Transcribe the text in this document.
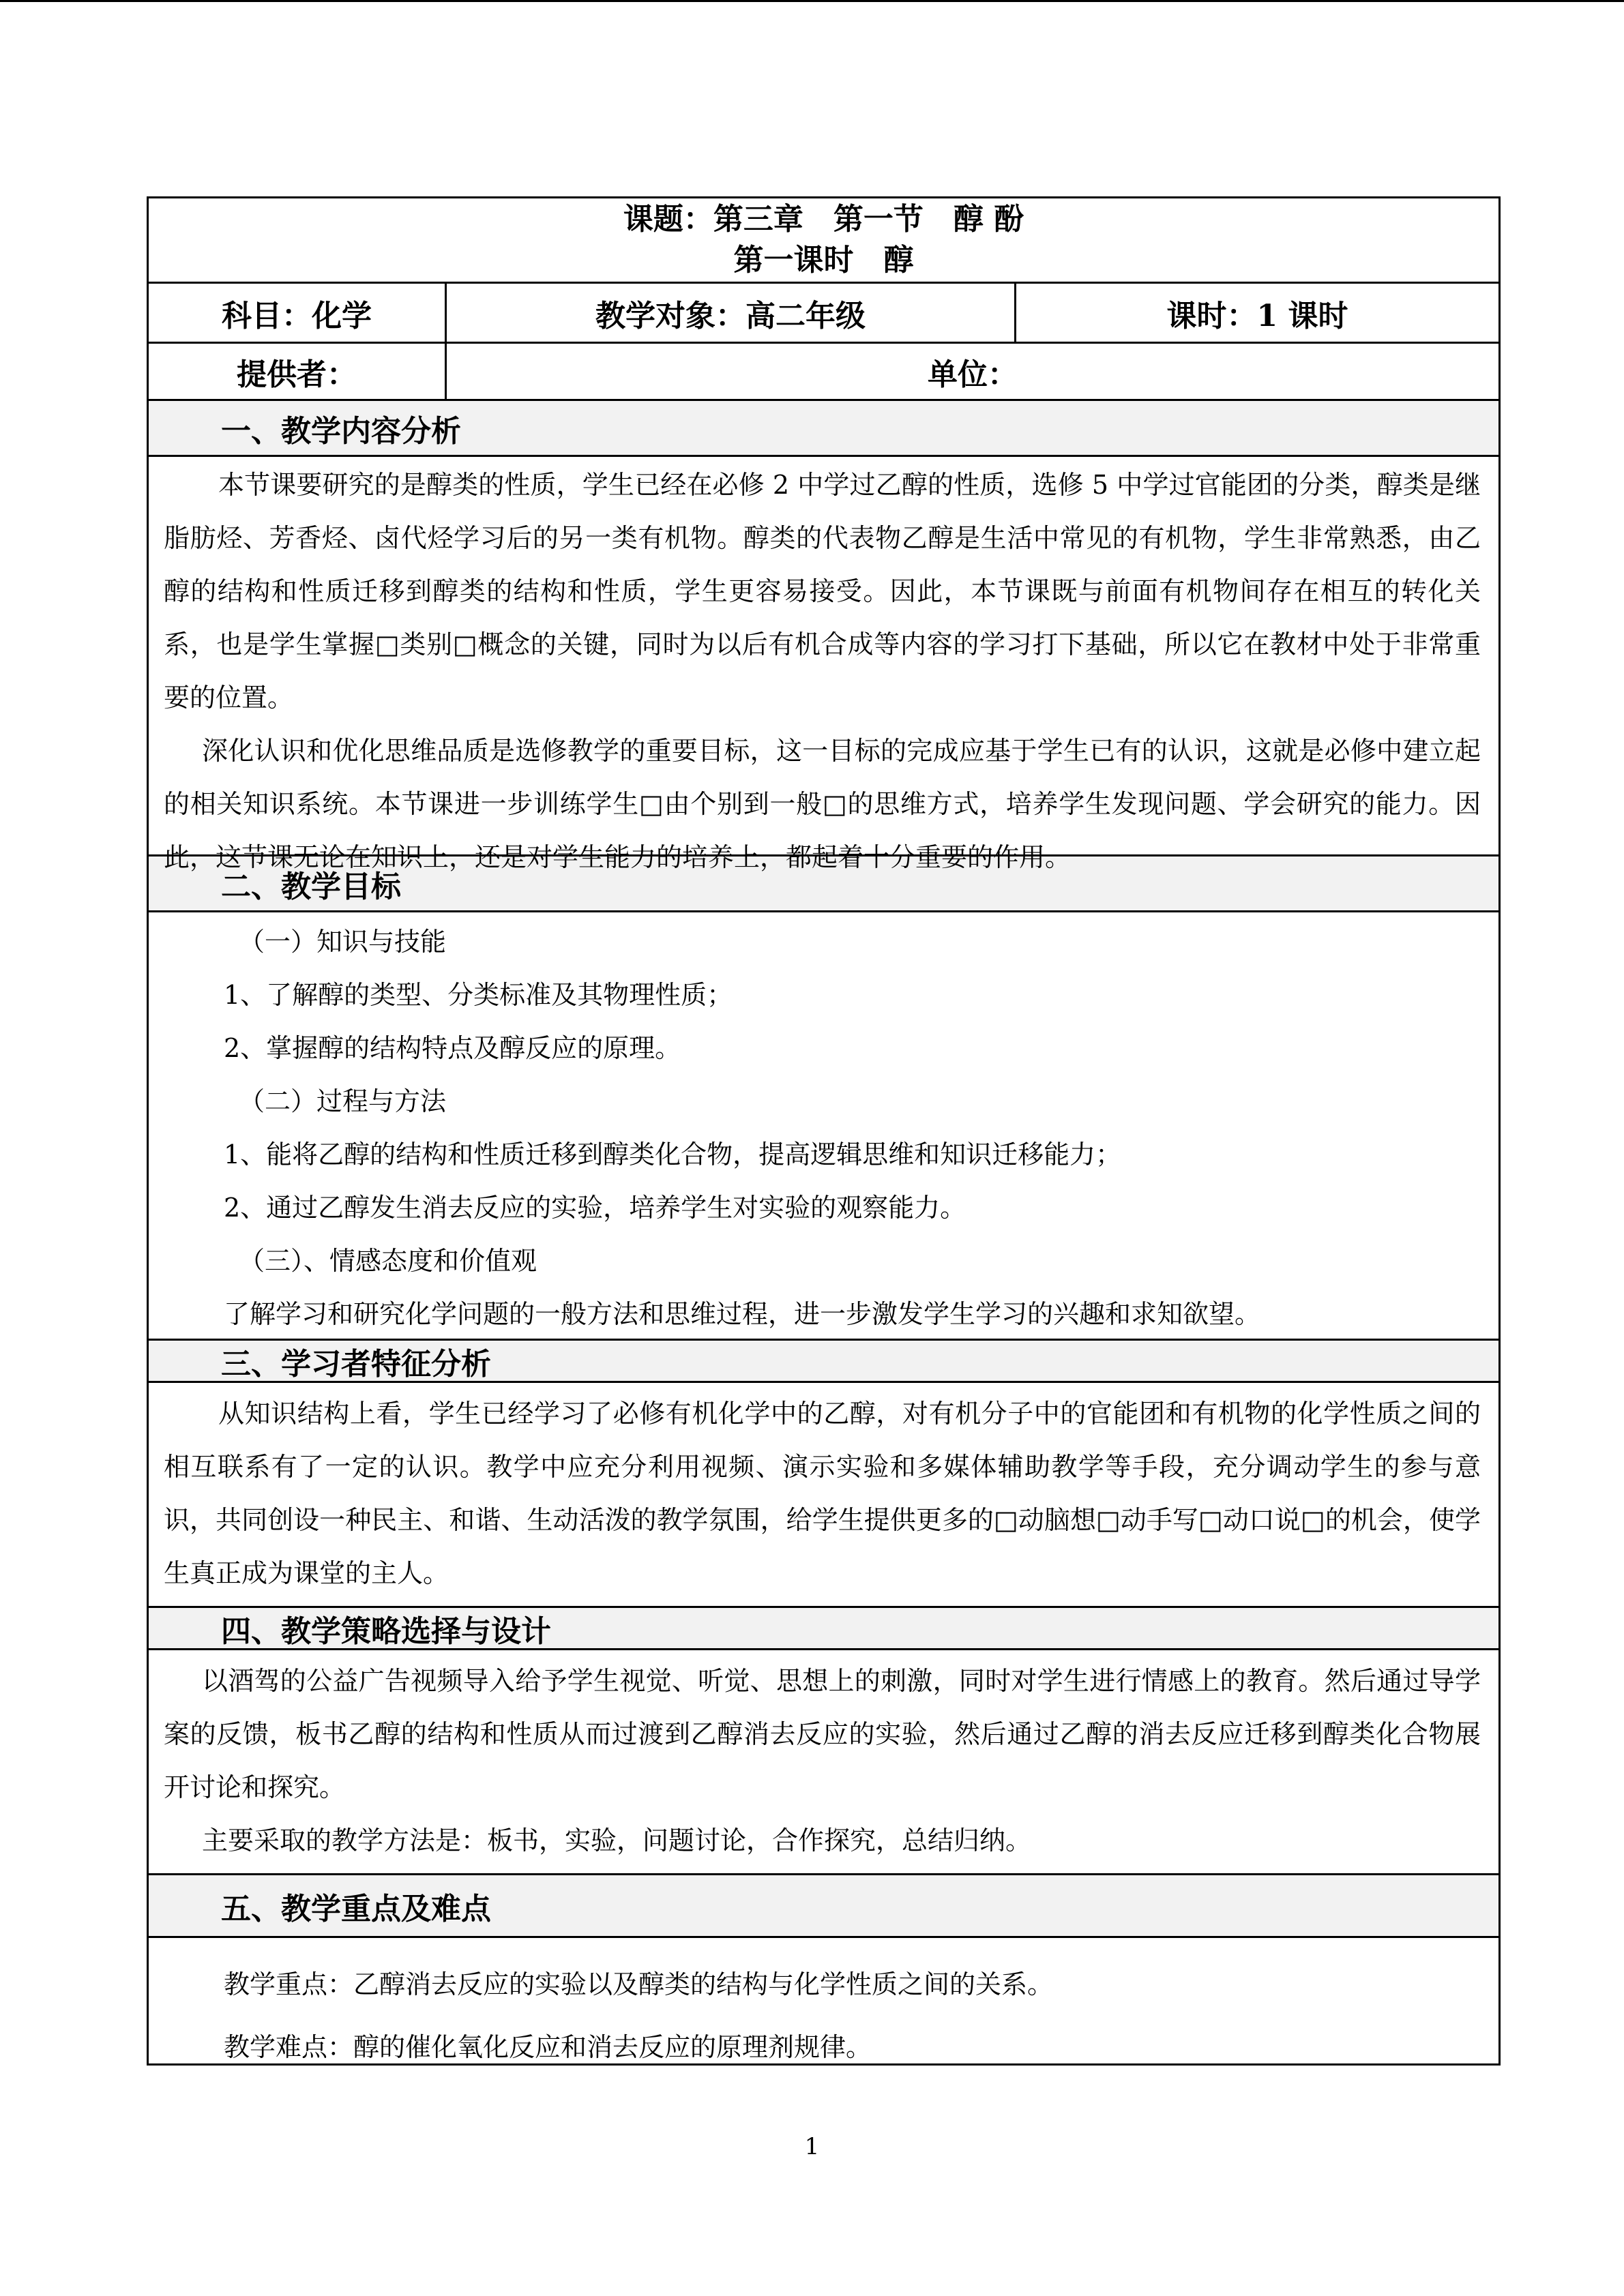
课题：第三章　第一节　醇 酚
第一课时　醇
科目：化学	教学对象：高二年级	课时：1 课时
提供者：	单位：
一、教学内容分析

本节课要研究的是醇类的性质，学生已经在必修 2 中学过乙醇的性质，选修 5 中学过官能团的分类，醇类是继脂肪烃、芳香烃、卤代烃学习后的另一类有机物。醇类的代表物乙醇是生活中常见的有机物，学生非常熟悉，由乙醇的结构和性质迁移到醇类的结构和性质，学生更容易接受。因此，本节课既与前面有机物间存在相互的转化关系，也是学生掌握□类别□概念的关键，同时为以后有机合成等内容的学习打下基础，所以它在教材中处于非常重要的位置。

深化认识和优化思维品质是选修教学的重要目标，这一目标的完成应基于学生已有的认识，这就是必修中建立起的相关知识系统。本节课进一步训练学生□由个别到一般□的思维方式，培养学生发现问题、学会研究的能力。因此，这节课无论在知识上，还是对学生能力的培养上，都起着十分重要的作用。

二、教学目标

（一）知识与技能

1、了解醇的类型、分类标准及其物理性质；

2、掌握醇的结构特点及醇反应的原理。

（二）过程与方法

1、能将乙醇的结构和性质迁移到醇类化合物，提高逻辑思维和知识迁移能力；

2、通过乙醇发生消去反应的实验，培养学生对实验的观察能力。

（三）、情感态度和价值观

了解学习和研究化学问题的一般方法和思维过程，进一步激发学生学习的兴趣和求知欲望。

三、学习者特征分析

从知识结构上看，学生已经学习了必修有机化学中的乙醇，对有机分子中的官能团和有机物的化学性质之间的相互联系有了一定的认识。教学中应充分利用视频、演示实验和多媒体辅助教学等手段，充分调动学生的参与意识，共同创设一种民主、和谐、生动活泼的教学氛围，给学生提供更多的□动脑想□动手写□动口说□的机会，使学生真正成为课堂的主人。

四、教学策略选择与设计

以酒驾的公益广告视频导入给予学生视觉、听觉、思想上的刺激，同时对学生进行情感上的教育。然后通过导学案的反馈，板书乙醇的结构和性质从而过渡到乙醇消去反应的实验，然后通过乙醇的消去反应迁移到醇类化合物展开讨论和探究。

主要采取的教学方法是：板书，实验，问题讨论，合作探究，总结归纳。

五、教学重点及难点

教学重点：乙醇消去反应的实验以及醇类的结构与化学性质之间的关系。

教学难点：醇的催化氧化反应和消去反应的原理剂规律。

1
